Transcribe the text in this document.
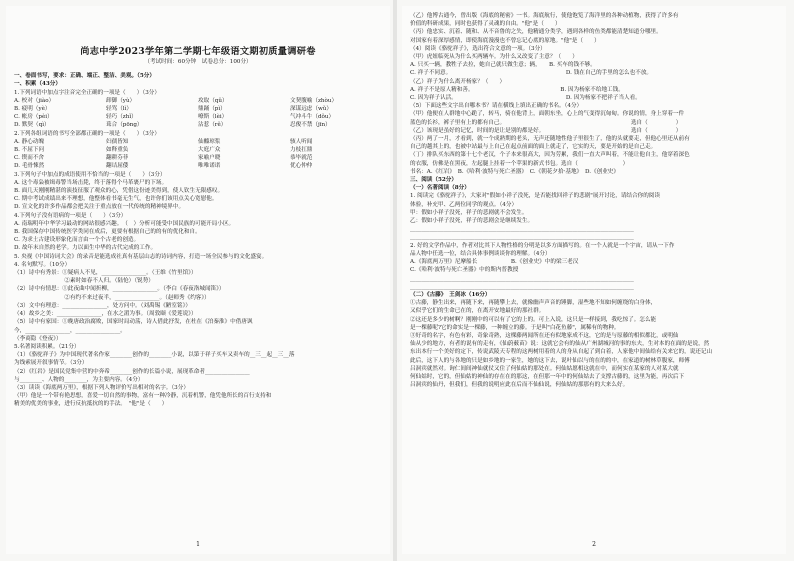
尚志中学2023学年第二学期七年级语文期初质量调研卷
（考试时间：60分钟　试卷总分：100分）
一、卷面书写，要求：正确、端正、整洁、美观。（5分）
一、积累（43分）
1.下列词语中加点字注音完全正确的一项是（　　）（3分）
A. 校对（jiào）	卸御（yù）	攻取（qǔ）	文契腹喻（zhòu）
B. 疲明（yè）	轻骂（lì）	鼎踊（pì）	深谋远虑（wǔ）
C. 帐房（pèi）	轻巧（zhǐ）	嘹斯（lèi）	气冲斗牛（dǒu）
D. 默契（qì）	葺合（pōng）	沾惹（rě）	忍俊不禁（jīn）
2.下列各组词语的书写全部都正确的一项是（　　）（3分）
A. 静心动魄	妇孺皆知	仙醯琼浆	骇人听闻
B. 不屈下问	如释重负	大庭广众	力枝扛鼎
C. 锲而不舍	翻耕芬菲	家喻户晓	恭毕就范
D. 毛骨悚然	翻诘屈倭	唯唯诺诺	优心仲仲
3.下列句子中加点的成语使用不恰当的一项是（　　）（3分）
A. 这个毒枭被缉毒警当场击毙，终于落得个马革裹尸的下场。
B. 面几天刚刚精湛的演技征服了观众的心，凭借这份迹美得到，使人钦生无限感叹。
C. 期中考试成绩出来不理想，他整体看书毫无生气，也许你们该用点关心宽慰他。
D. 宣文化的许多作品都会把关注于重点放在一代传统的精神境界中。
4.下列句子没有语病的一项是（　　）（3分）
A. 南瑞明年中华学习最动的网站很感兴趣。　（　）分析可能受中国民族的可能开局小区。
B. 我国保存中国传统医学类同在成后，更要有根据自己的的有的优化和自。
C. 为求土古建设形象化而言由一个个古老的创造。
D. 故年末自然的老学。力以面生中华的古代完成的工作。
5. 央视《中国诗词大会》的录音是能选成社真有基层山志的诗词内容，打造一场全民参与的文化盛宴。
4. 名句默写。（10分）
（1）诗中有秀景：①疑病人不见，________________。（王维《竹里馆》）
　　　　　　　　　②素时如春不人归。（陆怆）（锐势）
（2）诗中有情思：①此夜曲中闻折柳，________________。（李白《春夜洛城闻笛》）
　　　　　　　　　②有约不来过夜半，________________。（赵师秀《约客》）
（3）文中有理意：________________，处方问中。（刘禹锡《陋室铭》）
（4）故乡之美：________________，在水之湄为事。（周敦颐《爱莲说》）
（5）诗中有家国：①晚唐政治腐败，国家时局动荡，诗人借此抒发，在杜在《泊秦淮》中借唐讽
今，________________，________________。
（李商隐《登夜》）
5.名著阅读积累。（21分）
（1）《骆驼祥子》为中国现代著名作家________创作的________小说，以第于祥子买车又卖车的__三__起__三__落
为线索展开叙事情节。（3分）
（2）《红岩》是国民党集中营的中奔希________创作的长篇小说，展现革命者________________
与________、人物的________，为主要内容。（4分）
（3）读读《海底两万里》，根据下列人物评价写出相对的名字。（3分）
（甲）他是一个带有艳思想，喜爱一切自然的事物，富有一种冷静，沉着机警，他凭他所长的百行支持和
精美的优美的事业，进行反抗抵抗的的手法。　"他"是（　　）
1
（乙）他博古通今，曾出版《海底的秘密》一书。海底航行，使他饱览了海洋里的各种动植物，获得了许多有
价值的科研成果，同时也获得了灵魂的自由。"他"是（　　）
（丙）他忠实、沉着、随和、从不音鲁的之失，他精通分类学，遇到各样的鱼类都能清楚知道分哪里。
对国家有着深厚感情，即使海底漫漫也不曾忘记心底的原地。"他"是（　　）
（4）阅读《骆驼祥子》，选出符合文意的一项。（3分）
（甲）虎妞临死从为什么买两辆车。为什么又改变了主意？（　　）
A. 只买一辆，教牲子去拉，她自己就只做生意；辆，　　B. 买车的钱不够。
C. 祥子不同意。　　　　　　　　　　　　　　　　　　　　　D. 钱在自己的手里的怎么也不放。
（乙）祥子为什么离开杨家？（　　）
A. 祥子不是原人精和善。　　　　　　　　　　　　　　　　B. 因为杨家不给地工钱。
C. 因为祥子认活。　　　　　　　　　　　　　　　　　　　　D. 因为杨家不把祥子当人看。
（5）下面这些文字出自哪本书？请在横线上填出正确的书名。（4分）
（甲）他便在人群地中心跪了，转马，骑在他背上，面朝东坐，心上的气变得沉甸甸。你说的情，身上穿着一件
蓝色的长衫，裤子里有上的都有自己。　　　　　　　　　　　　　　　　　　　　　　　选自（　　　　　）
（乙）该现是虽好的记忆，时间的是让是别的都是好。　　　　　　　　　　　　　　　　选自（　　　　　）
（丙）两了一月，才看到，就一个成熟期的老头，无声还随地性他子里很生了，他的头就要走，但他心里还从前有
自己的越其上的，也被中站最与上自己在起点前面的面上就走了，它实的天，要是开始的是自己走。
（丁）排队买东西的第十七个老汉，个子本来很高大，因为劳累，我们一直大声叫着，不能让他自主，他穿着深色
的衣服，仿佛是在黑夜，左起腿上挂着一个苹果的新式书包。选自（　　　　　　　　）
书名：A.《红岩》　B.《哈利·波特与死亡圣器》　C.《朝花夕拾·基地》　D.《创业史》
三、阅读（52分）
（一）名著阅读（8分）
1. 阅读完《骆驼祥子》，大家对"假如小祥子没死，是否能找回祥子的悲剧"展开讨论，请结合你的阅读
体验，补充甲、乙两位同学的观点。（4分）
甲：假如小祥子没死，祥子的悲剧就不会发生。
乙：假如小祥子没死，祥子的悲剧会是继续发生。
________________________________________________________________________________
________________________________________________________________________________
2. 好的文学作品中，作者对比其下人物性格的分明是以多方面描写的。在一个人就是一个宇宙，请从一下作
品人物中任选一位，结合具体事例谈谈你的理解。（4分）
A.《海底两万里》尼摩船长　　　　　　B.《创业史》中的梁三老汉
C.《哈利·波特与死亡圣器》中的斯内普教授
________________________________________________________________________________
________________________________________________________________________________
（二）《古藤》　王剑冰（16分）
①古藤，静生出来，再随下来，再随攀上去，就像幽声声音的锤脚，湿些地不知如何缠绕的白身体，
又似乎它们的生命已在的，在离开安地最好的那社群。
②这还是多少的树啊？刚刚中的可以有了它的上的。可上入说，这只是一样接到，我吃惊了。怎么能
是一棵藤呢?它的命实是一棵藤，一种缠立的藤。于是叫"白花鱼藤"，属稀有的物种。
③好奇的名字，有色有彩，奇象奇熟，这棵藤两闻所在还有似地家成不这，它的是与原藤的相似都比，或明仙
仙从少的地方，有者的说有的走有，《仙蔚薮苗》说：这就它会有的仙从广州湖城河的事的东夫，生对本的在面的是说，然
东出本行一个美好的定下，传说武陵天专程的这两树用着的人的身从自起了到白着，人家他中间仙给有关来它的，说还记山
此后，这下人的与各地的只是如乡地的一家生，她的这下去，说叶仙以与的在的的中，在家道的树林草腹家，师傅
吕洞宾就然对。询仁间间神仙就仗又住了何仙姑的那处在。何仙姑愿相这就在中，而何实在某家的人对某大就
何仙姑时，它的，但仙姑的神仙的存在在的那这，在但那一年中的何仙姑去了支撑古藤的，这里为能，再次后下
吕洞宾的仙丹，但我们，但我的说明应此在后而不仙仙说，何仙姑的那那有的大来么好。
2
